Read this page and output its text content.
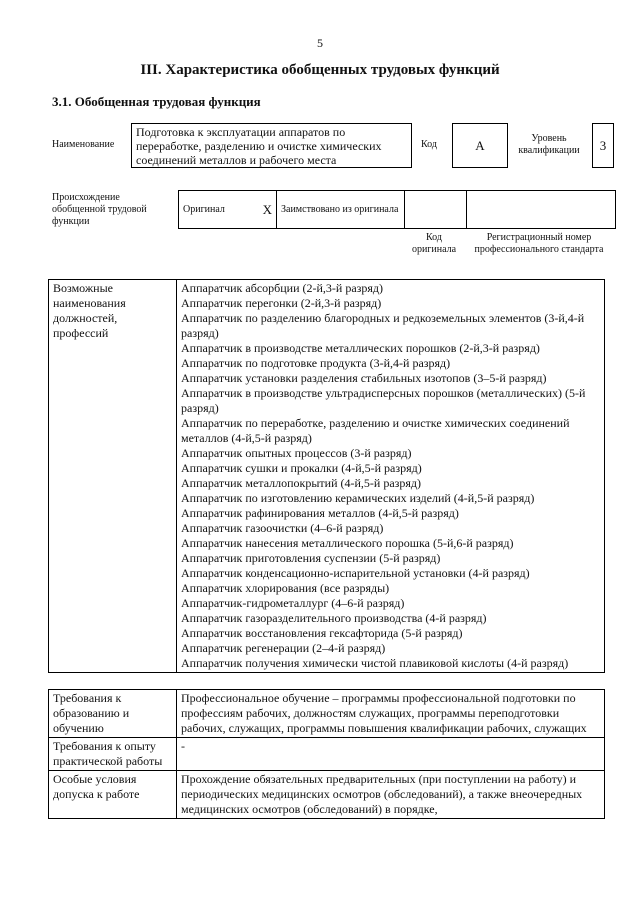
5
III. Характеристика обобщенных трудовых функций
3.1. Обобщенная трудовая функция
Наименование
Подготовка к эксплуатации аппаратов по переработке, разделению и очистке химических соединений металлов и рабочего места
Код	A	Уровень квалификации	3
Происхождение обобщенной трудовой функции
Оригинал	X	Заимствовано из оригинала		
Код оригинала
Регистрационный номер профессионального стандарта
Возможные наименования должностей, профессий	
Аппаратчик абсорбции (2-й,3-й разряд)
Аппаратчик перегонки (2-й,3-й разряд)
Аппаратчик по разделению благородных и редкоземельных элементов (3-й,4-й разряд)
Аппаратчик в производстве металлических порошков (2-й,3-й разряд)
Аппаратчик по подготовке продукта (3-й,4-й разряд)
Аппаратчик установки разделения стабильных изотопов (3–5-й разряд)
Аппаратчик в производстве ультрадисперсных порошков (металлических) (5-й разряд)
Аппаратчик по переработке, разделению и очистке химических соединений металлов (4-й,5-й разряд)
Аппаратчик опытных процессов (3-й разряд)
Аппаратчик сушки и прокалки (4-й,5-й разряд)
Аппаратчик металлопокрытий (4-й,5-й разряд)
Аппаратчик по изготовлению керамических изделий (4-й,5-й разряд)
Аппаратчик рафинирования металлов (4-й,5-й разряд)
Аппаратчик газоочистки (4–6-й разряд)
Аппаратчик нанесения металлического порошка (5-й,6-й разряд)
Аппаратчик приготовления суспензии (5-й разряд)
Аппаратчик конденсационно-испарительной установки (4-й разряд)
Аппаратчик хлорирования (все разряды)
Аппаратчик-гидрометаллург (4–6-й разряд)
Аппаратчик газоразделительного производства (4-й разряд)
Аппаратчик восстановления гексафторида (5-й разряд)
Аппаратчик регенерации (2–4-й разряд)
Аппаратчик получения химически чистой плавиковой кислоты (4-й разряд)
Требования к образованию и обучению	Профессиональное обучение – программы профессиональной подготовки по профессиям рабочих, должностям служащих, программы переподготовки рабочих, служащих, программы повышения квалификации рабочих, служащих
Требования к опыту практической работы	-
Особые условия допуска к работе	Прохождение обязательных предварительных (при поступлении на работу) и периодических медицинских осмотров (обследований), а также внеочередных медицинских осмотров (обследований) в порядке,
